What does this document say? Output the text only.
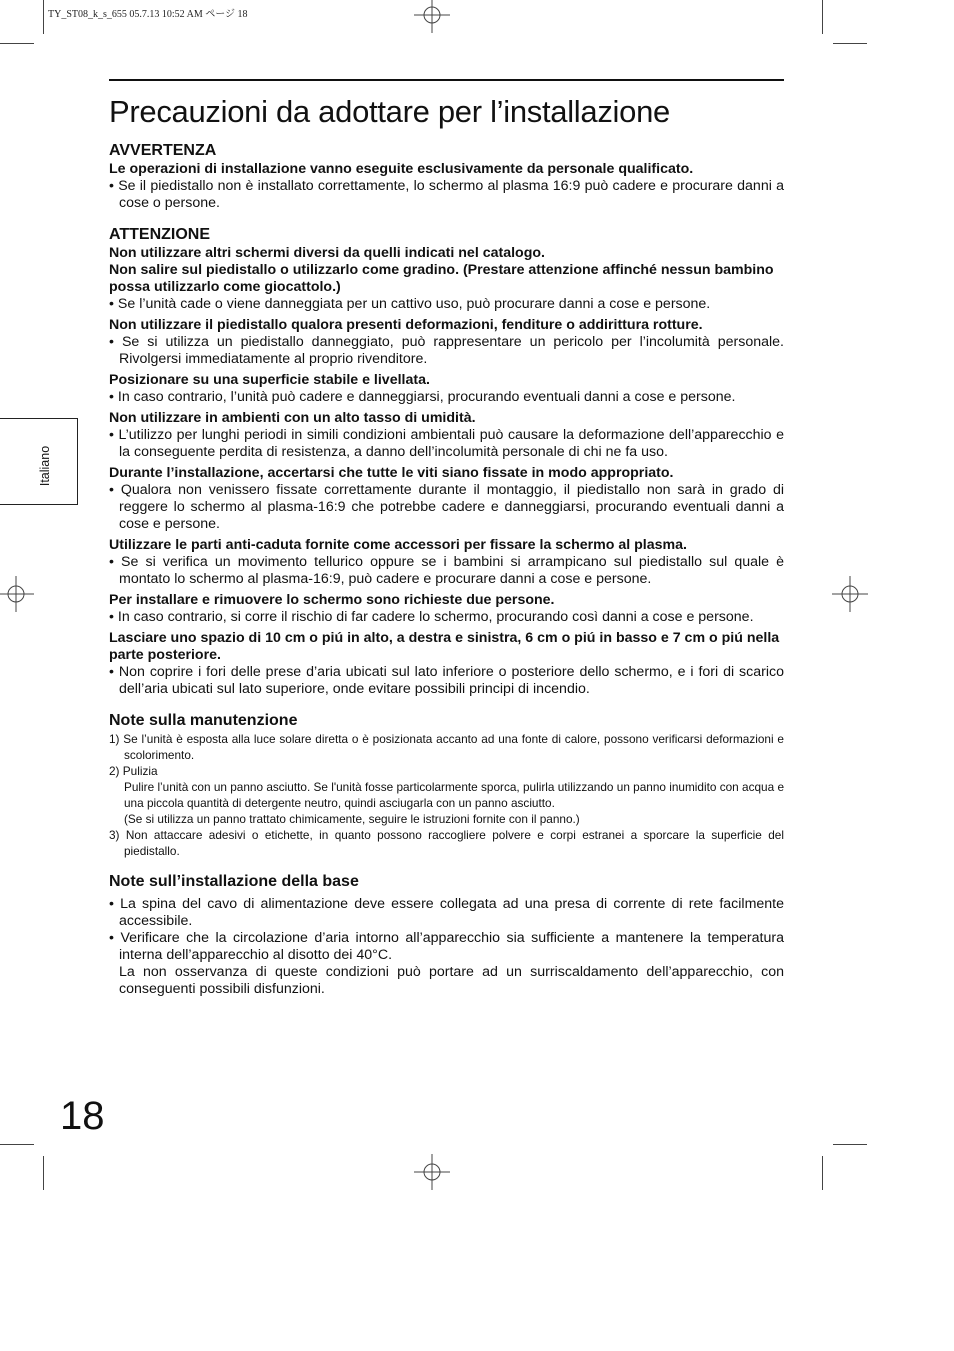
TY_ST08_k_s_655 05.7.13 10:52 AM ページ 18
Italiano
Precauzioni da adottare per l’installazione
AVVERTENZA

Le operazioni di installazione vanno eseguite esclusivamente da personale qualificato.

• Se il piedistallo non è installato correttamente, lo schermo al plasma 16:9 può cadere e procurare danni a cose o persone.

ATTENZIONE

Non utilizzare altri schermi diversi da quelli indicati nel catalogo.

Non salire sul piedistallo o utilizzarlo come gradino. (Prestare attenzione affinché nessun bambino possa utilizzarlo come giocattolo.)

• Se l’unità cade o viene danneggiata per un cattivo uso, può procurare danni a cose e persone.

Non utilizzare il piedistallo qualora presenti deformazioni, fenditure o addirittura rotture.

• Se si utilizza un piedistallo danneggiato, può rappresentare un pericolo per l’incolumità personale. Rivolgersi immediatamente al proprio rivenditore.

Posizionare su una superficie stabile e livellata.

• In caso contrario, l’unità può cadere e danneggiarsi, procurando eventuali danni a cose e persone.

Non utilizzare in ambienti con un alto tasso di umidità.

• L’utilizzo per lunghi periodi in simili condizioni ambientali può causare la deformazione dell’apparecchio e la conseguente perdita di resistenza, a danno dell’incolumità personale di chi ne fa uso.

Durante l’installazione, accertarsi che tutte le viti siano fissate in modo appropriato.

• Qualora non venissero fissate correttamente durante il montaggio, il piedistallo non sarà in grado di reggere lo schermo al plasma-16:9 che potrebbe cadere e danneggiarsi, procurando eventuali danni a cose e persone.

Utilizzare le parti anti-caduta fornite come accessori per fissare la schermo al plasma.

• Se si verifica un movimento tellurico oppure se i bambini si arrampicano sul piedistallo sul quale è montato lo schermo al plasma-16:9, può cadere e procurare danni a cose e persone.

Per installare e rimuovere lo schermo sono richieste due persone.

• In caso contrario, si corre il rischio di far cadere lo schermo, procurando così danni a cose e persone.

Lasciare uno spazio di 10 cm o piú in alto, a destra e sinistra, 6 cm o piú in basso e 7 cm o piú nella parte posteriore.

• Non coprire i fori delle prese d’aria ubicati sul lato inferiore o posteriore dello schermo, e i fori di scarico dell’aria ubicati sul lato superiore, onde evitare possibili principi di incendio.

Note sulla manutenzione

1) Se l’unità è esposta alla luce solare diretta o è posizionata accanto ad una fonte di calore, possono verificarsi deformazioni e scolorimento.

2) Pulizia

Pulire l’unità con un panno asciutto. Se l'unità fosse particolarmente sporca, pulirla utilizzando un panno inumidito con acqua e una piccola quantità di detergente neutro, quindi asciugarla con un panno asciutto.

(Se si utilizza un panno trattato chimicamente, seguire le istruzioni fornite con il panno.)

3) Non attaccare adesivi o etichette, in quanto possono raccogliere polvere e corpi estranei a sporcare la superficie del piedistallo.

Note sull’installazione della base

• La spina del cavo di alimentazione deve essere collegata ad una presa di corrente di rete facilmente accessibile.

• Verificare che la circolazione d’aria intorno all’apparecchio sia sufficiente a mantenere la temperatura interna dell’apparecchio al disotto dei 40°C.

La non osservanza di queste condizioni può portare ad un surriscaldamento dell’apparecchio, con conseguenti possibili disfunzioni.

18
